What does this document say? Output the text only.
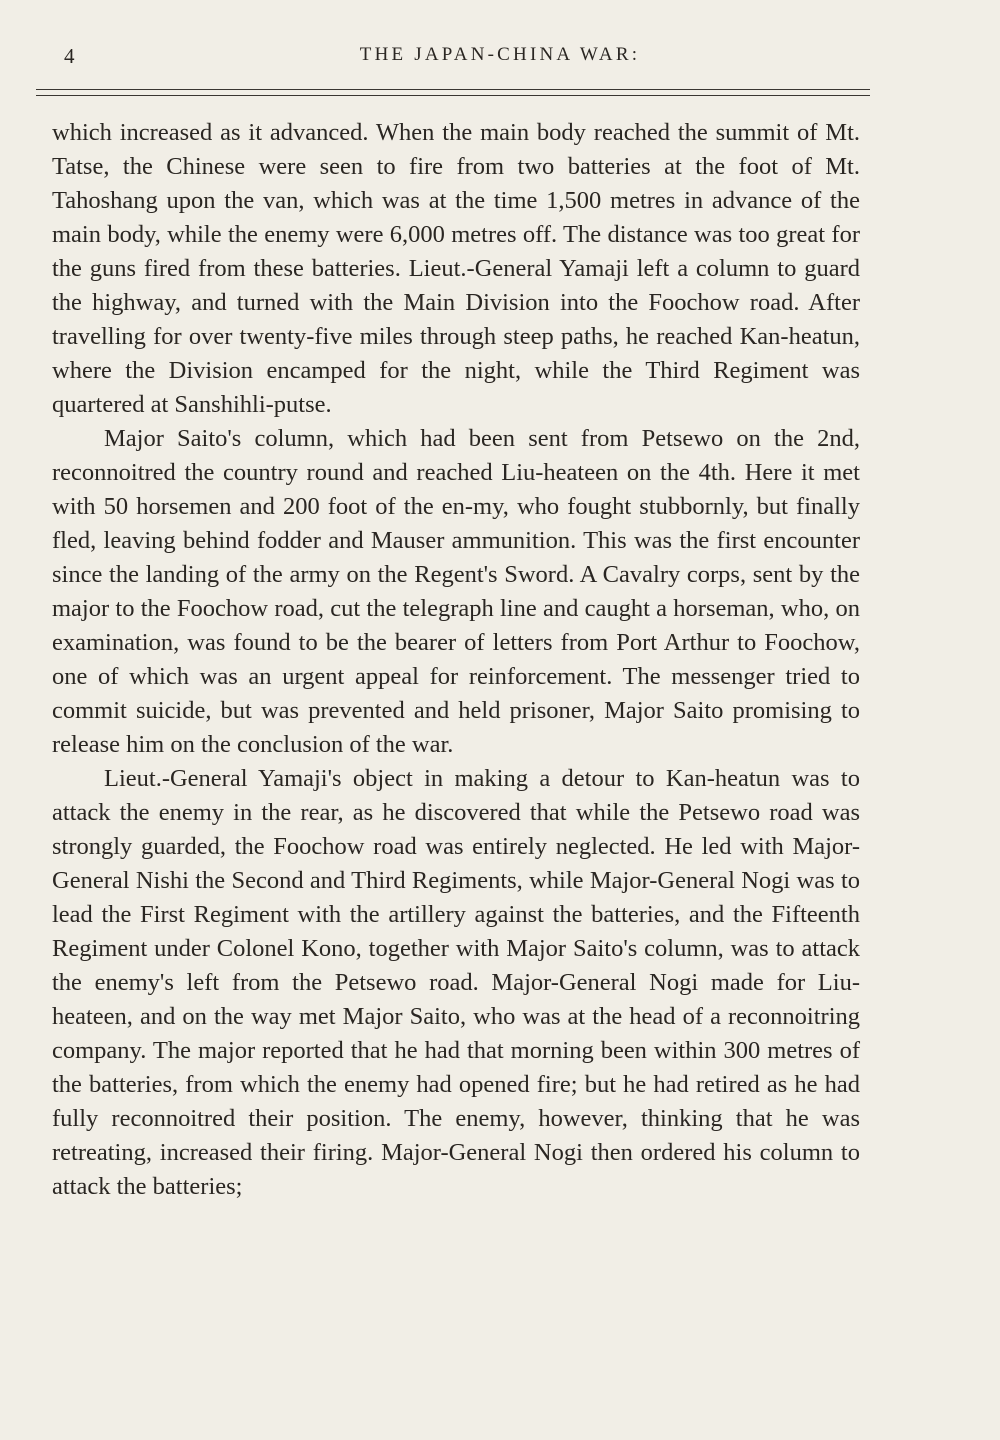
4	THE JAPAN-CHINA WAR:

which increased as it advanced. When the main body reached the summit of Mt. Tatse, the Chinese were seen to fire from two batteries at the foot of Mt. Tahoshang upon the van, which was at the time 1,500 metres in advance of the main body, while the enemy were 6,000 metres off. The distance was too great for the guns fired from these batteries. Lieut.-General Yamaji left a column to guard the highway, and turned with the Main Division into the Foochow road. After travelling for over twenty-five miles through steep paths, he reached Kan-heatun, where the Division encamped for the night, while the Third Regiment was quartered at Sanshihli-putse.

Major Saito's column, which had been sent from Petsewo on the 2nd, reconnoitred the country round and reached Liu-heateen on the 4th. Here it met with 50 horsemen and 200 foot of the en-my, who fought stubbornly, but finally fled, leaving behind fodder and Mauser ammunition. This was the first encounter since the landing of the army on the Regent's Sword. A Cavalry corps, sent by the major to the Foochow road, cut the telegraph line and caught a horseman, who, on examination, was found to be the bearer of letters from Port Arthur to Foochow, one of which was an urgent appeal for reinforcement. The messenger tried to commit suicide, but was prevented and held prisoner, Major Saito promising to release him on the conclusion of the war.

Lieut.-General Yamaji's object in making a detour to Kan-heatun was to attack the enemy in the rear, as he discovered that while the Petsewo road was strongly guarded, the Foochow road was entirely neglected. He led with Major-General Nishi the Second and Third Regiments, while Major-General Nogi was to lead the First Regiment with the artillery against the batteries, and the Fifteenth Regiment under Colonel Kono, together with Major Saito's column, was to attack the enemy's left from the Petsewo road. Major-General Nogi made for Liu-heateen, and on the way met Major Saito, who was at the head of a reconnoitring company. The major reported that he had that morning been within 300 metres of the batteries, from which the enemy had opened fire; but he had retired as he had fully reconnoitred their position. The enemy, however, thinking that he was retreating, increased their firing. Major-General Nogi then ordered his column to attack the batteries;
